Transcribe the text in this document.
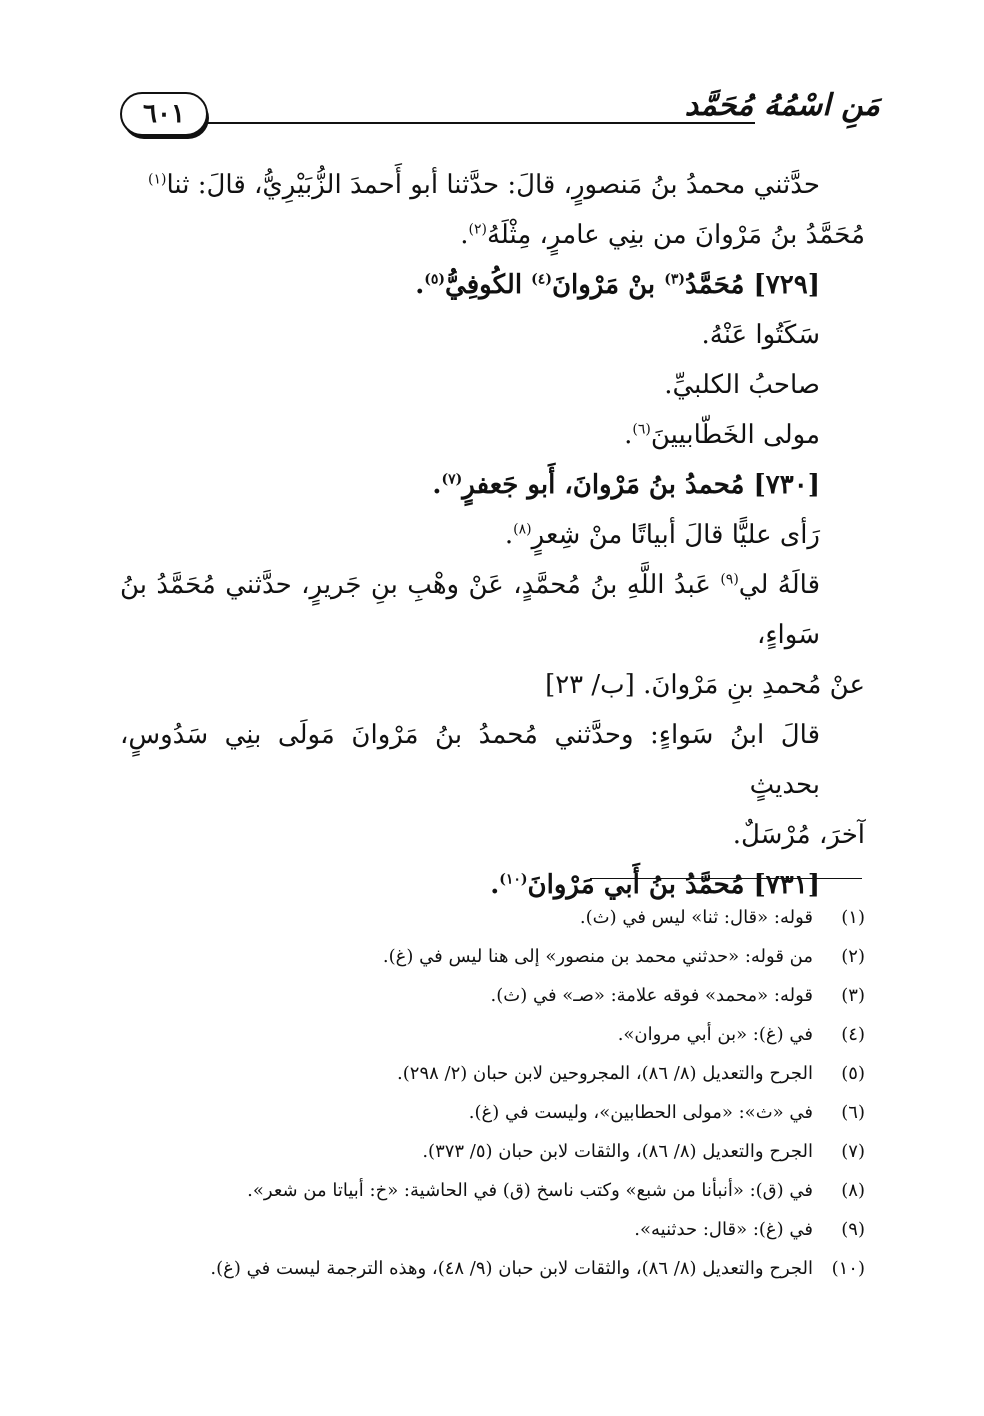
٦٠١	مَنِ اسْمُهُ مُحَمَّد

حدَّثني محمدُ بنُ مَنصورٍ، قالَ: حدَّثنا أبو أَحمدَ الزُّبَيْرِيُّ، قالَ: ثنا$^{(١)}$

مُحَمَّدُ بنُ مَرْوانَ من بنِي عامرٍ، مِثْلَهُ$^{(٢)}$.

[٧٢٩] مُحَمَّدُ$^{(٣)}$ بنْ مَرْوانَ$^{(٤)}$ الكُوفِيُّ$^{(٥)}$.

سَكَتُوا عَنْهُ.

صاحبُ الكلبيِّ.

مولى الخَطّابيينَ$^{(٦)}$.

[٧٣٠] مُحمدُ بنُ مَرْوانَ، أَبو جَعفرٍ$^{(٧)}$.

رَأى عليًّا قالَ أبياتًا منْ شِعرٍ$^{(٨)}$.

قالَهُ لي$^{(٩)}$ عَبدُ اللَّهِ بنُ مُحمَّدٍ، عَنْ وهْبِ بنِ جَريرٍ، حدَّثني مُحَمَّدُ بنُ سَواءٍ،

عنْ مُحمدِ بنِ مَرْوانَ. [ب/ ٢٣]

قالَ ابنُ سَواءٍ: وحدَّثني مُحمدُ بنُ مَرْوانَ مَولَى بنِي سَدُوسٍ، بحديثٍ

آخرَ، مُرْسَلٌ.

[٧٣١] مُحمَّدُ بنُ أَبي مَرْوانَ$^{(١٠)}$.

(١)
قوله: «قال: ثنا» ليس في (ث).
(٢)
من قوله: «حدثني محمد بن منصور» إلى هنا ليس في (غ).
(٣)
قوله: «محمد» فوقه علامة: «صـ» في (ث).
(٤)
في (غ): «بن أبي مروان».
(٥)
الجرح والتعديل (٨/ ٨٦)، المجروحين لابن حبان (٢/ ٢٩٨).
(٦)
في «ث»: «مولى الحطابين»، وليست في (غ).
(٧)
الجرح والتعديل (٨/ ٨٦)، والثقات لابن حبان (٥/ ٣٧٣).
(٨)
في (ق): «أنبأنا من شبع» وكتب ناسخ (ق) في الحاشية: «خ: أبياتا من شعر».
(٩)
في (غ): «قال: حدثنيه».
(١٠)
الجرح والتعديل (٨/ ٨٦)، والثقات لابن حبان (٩/ ٤٨)، وهذه الترجمة ليست في (غ).
